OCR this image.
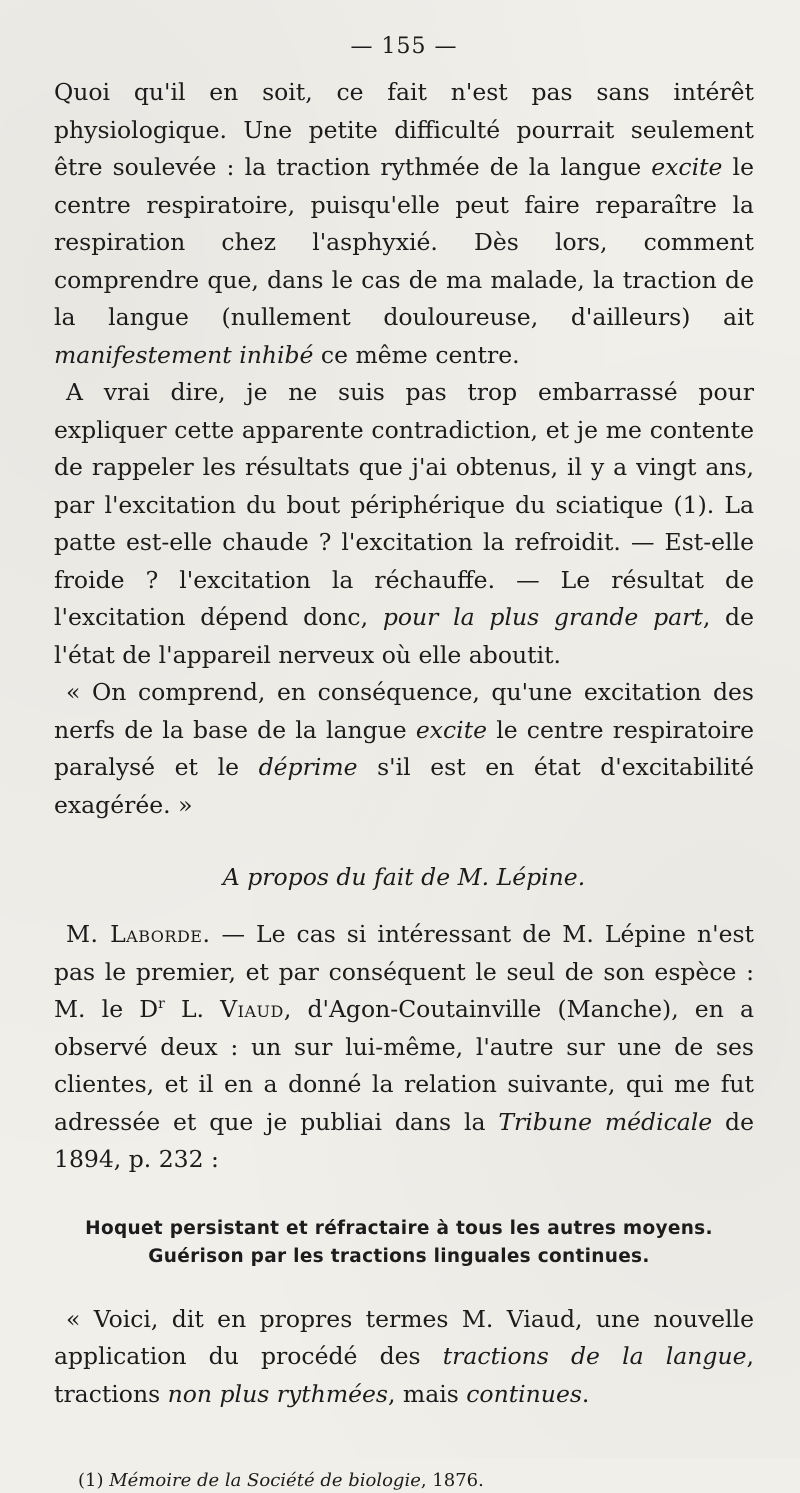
— 155 —

Quoi qu'il en soit, ce fait n'est pas sans intérêt physiologique. Une petite difficulté pourrait seulement être soulevée : la traction rythmée de la langue excite le centre respiratoire, puisqu'elle peut faire reparaître la respiration chez l'asphyxié. Dès lors, comment comprendre que, dans le cas de ma malade, la traction de la langue (nullement douloureuse, d'ailleurs) ait manifestement inhibé ce même centre.

A vrai dire, je ne suis pas trop embarrassé pour expliquer cette apparente contradiction, et je me contente de rappeler les résultats que j'ai obtenus, il y a vingt ans, par l'excitation du bout périphérique du sciatique (1). La patte est-elle chaude ? l'excitation la refroidit. — Est-elle froide ? l'excitation la réchauffe. — Le résultat de l'excitation dépend donc, pour la plus grande part, de l'état de l'appareil nerveux où elle aboutit.

« On comprend, en conséquence, qu'une excitation des nerfs de la base de la langue excite le centre respiratoire paralysé et le déprime s'il est en état d'excitabilité exagérée. »

A propos du fait de M. Lépine.

M. Laborde. — Le cas si intéressant de M. Lépine n'est pas le premier, et par conséquent le seul de son espèce : M. le $D^r$ L. Viaud, d'Agon-Coutainville (Manche), en a observé deux : un sur lui-même, l'autre sur une de ses clientes, et il en a donné la relation suivante, qui me fut adressée et que je publiai dans la Tribune médicale de 1894, p. 232 :

Hoquet persistant et réfractaire à tous les autres moyens.
Guérison par les tractions linguales continues.

« Voici, dit en propres termes M. Viaud, une nouvelle application du procédé des tractions de la langue, tractions non plus rythmées, mais continues.

(1) Mémoire de la Société de biologie, 1876.
